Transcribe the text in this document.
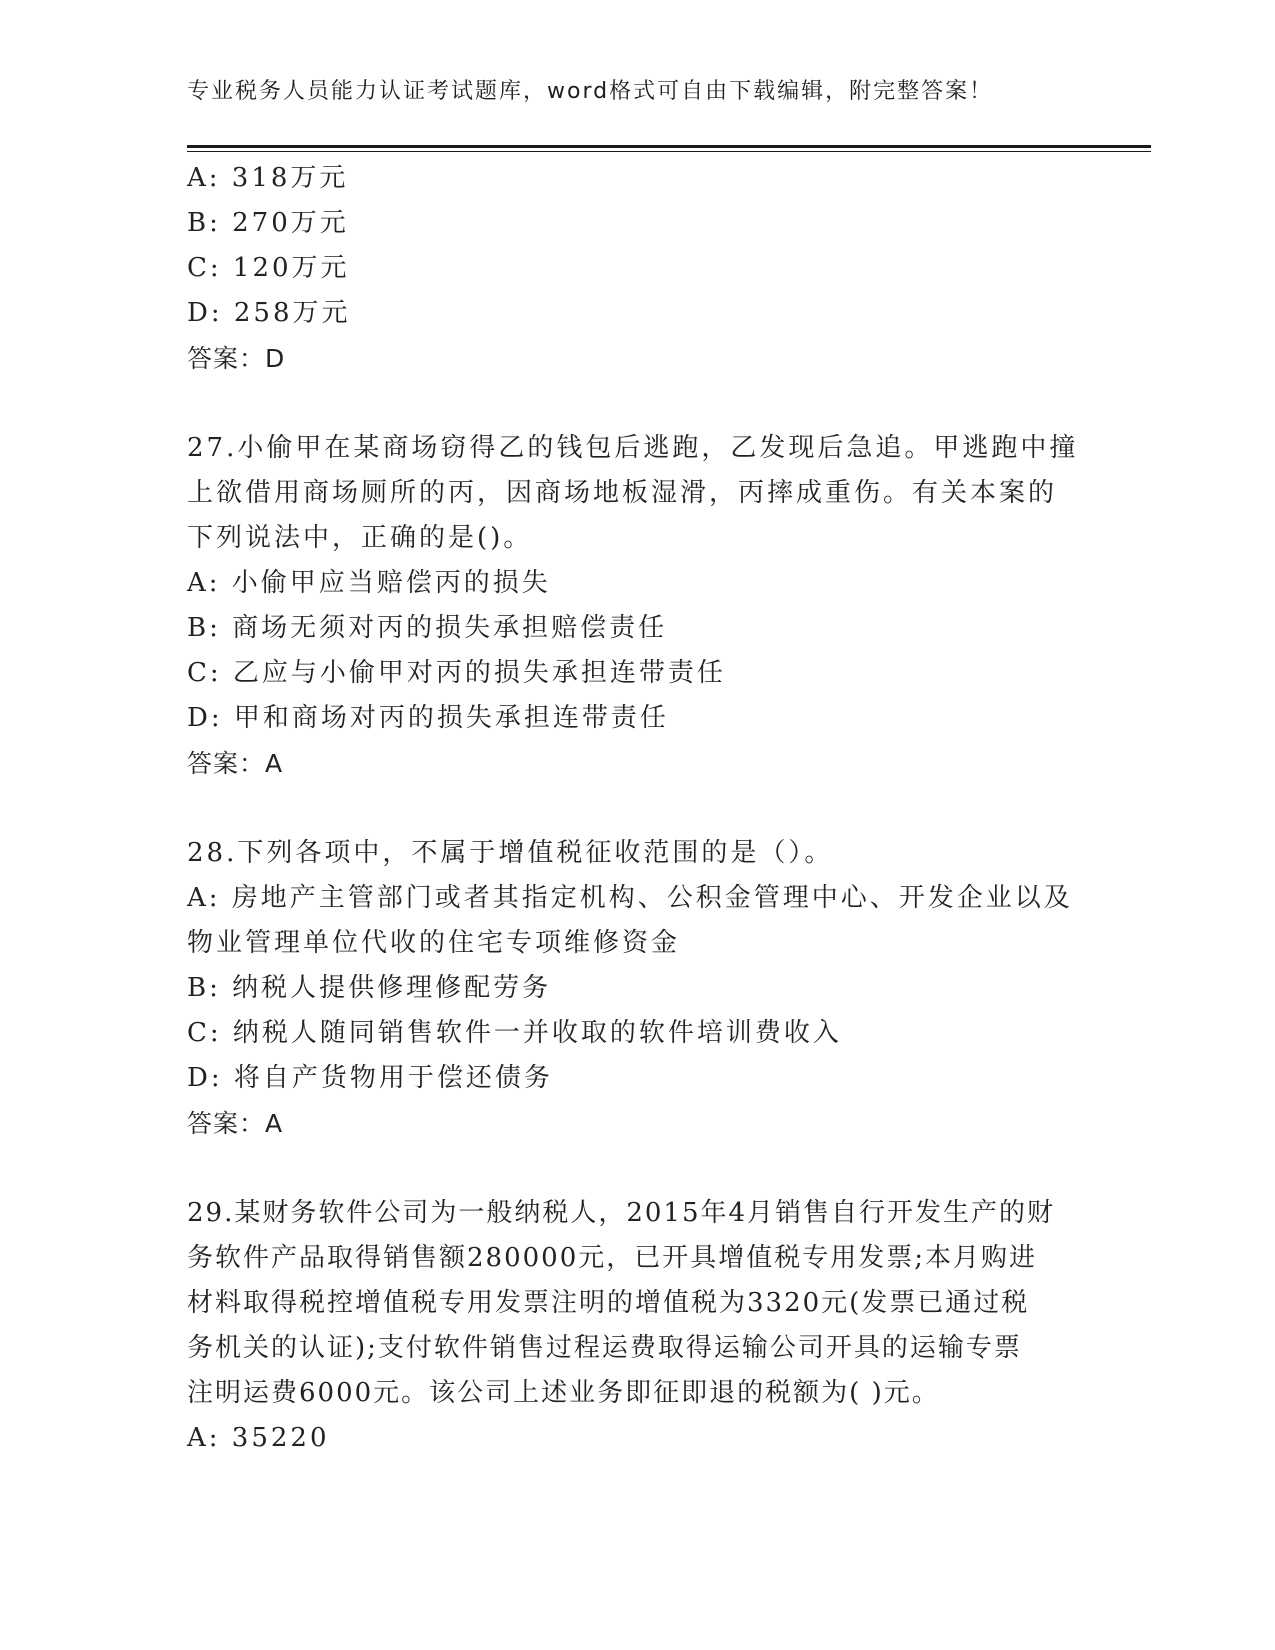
专业税务人员能力认证考试题库，word格式可自由下载编辑，附完整答案！
A: 318万元
B: 270万元
C: 120万元
D: 258万元
答案：D
27.小偷甲在某商场窃得乙的钱包后逃跑，乙发现后急追。甲逃跑中撞
上欲借用商场厕所的丙，因商场地板湿滑，丙摔成重伤。有关本案的
下列说法中，正确的是()。
A: 小偷甲应当赔偿丙的损失
B: 商场无须对丙的损失承担赔偿责任
C: 乙应与小偷甲对丙的损失承担连带责任
D: 甲和商场对丙的损失承担连带责任
答案：A
28.下列各项中，不属于增值税征收范围的是（）。
A: 房地产主管部门或者其指定机构、公积金管理中心、开发企业以及
物业管理单位代收的住宅专项维修资金
B: 纳税人提供修理修配劳务
C: 纳税人随同销售软件一并收取的软件培训费收入
D: 将自产货物用于偿还债务
答案：A
29.某财务软件公司为一般纳税人，2015年4月销售自行开发生产的财
务软件产品取得销售额280000元，已开具增值税专用发票;本月购进
材料取得税控增值税专用发票注明的增值税为3320元(发票已通过税
务机关的认证);支付软件销售过程运费取得运输公司开具的运输专票
注明运费6000元。该公司上述业务即征即退的税额为( )元。
A: 35220
